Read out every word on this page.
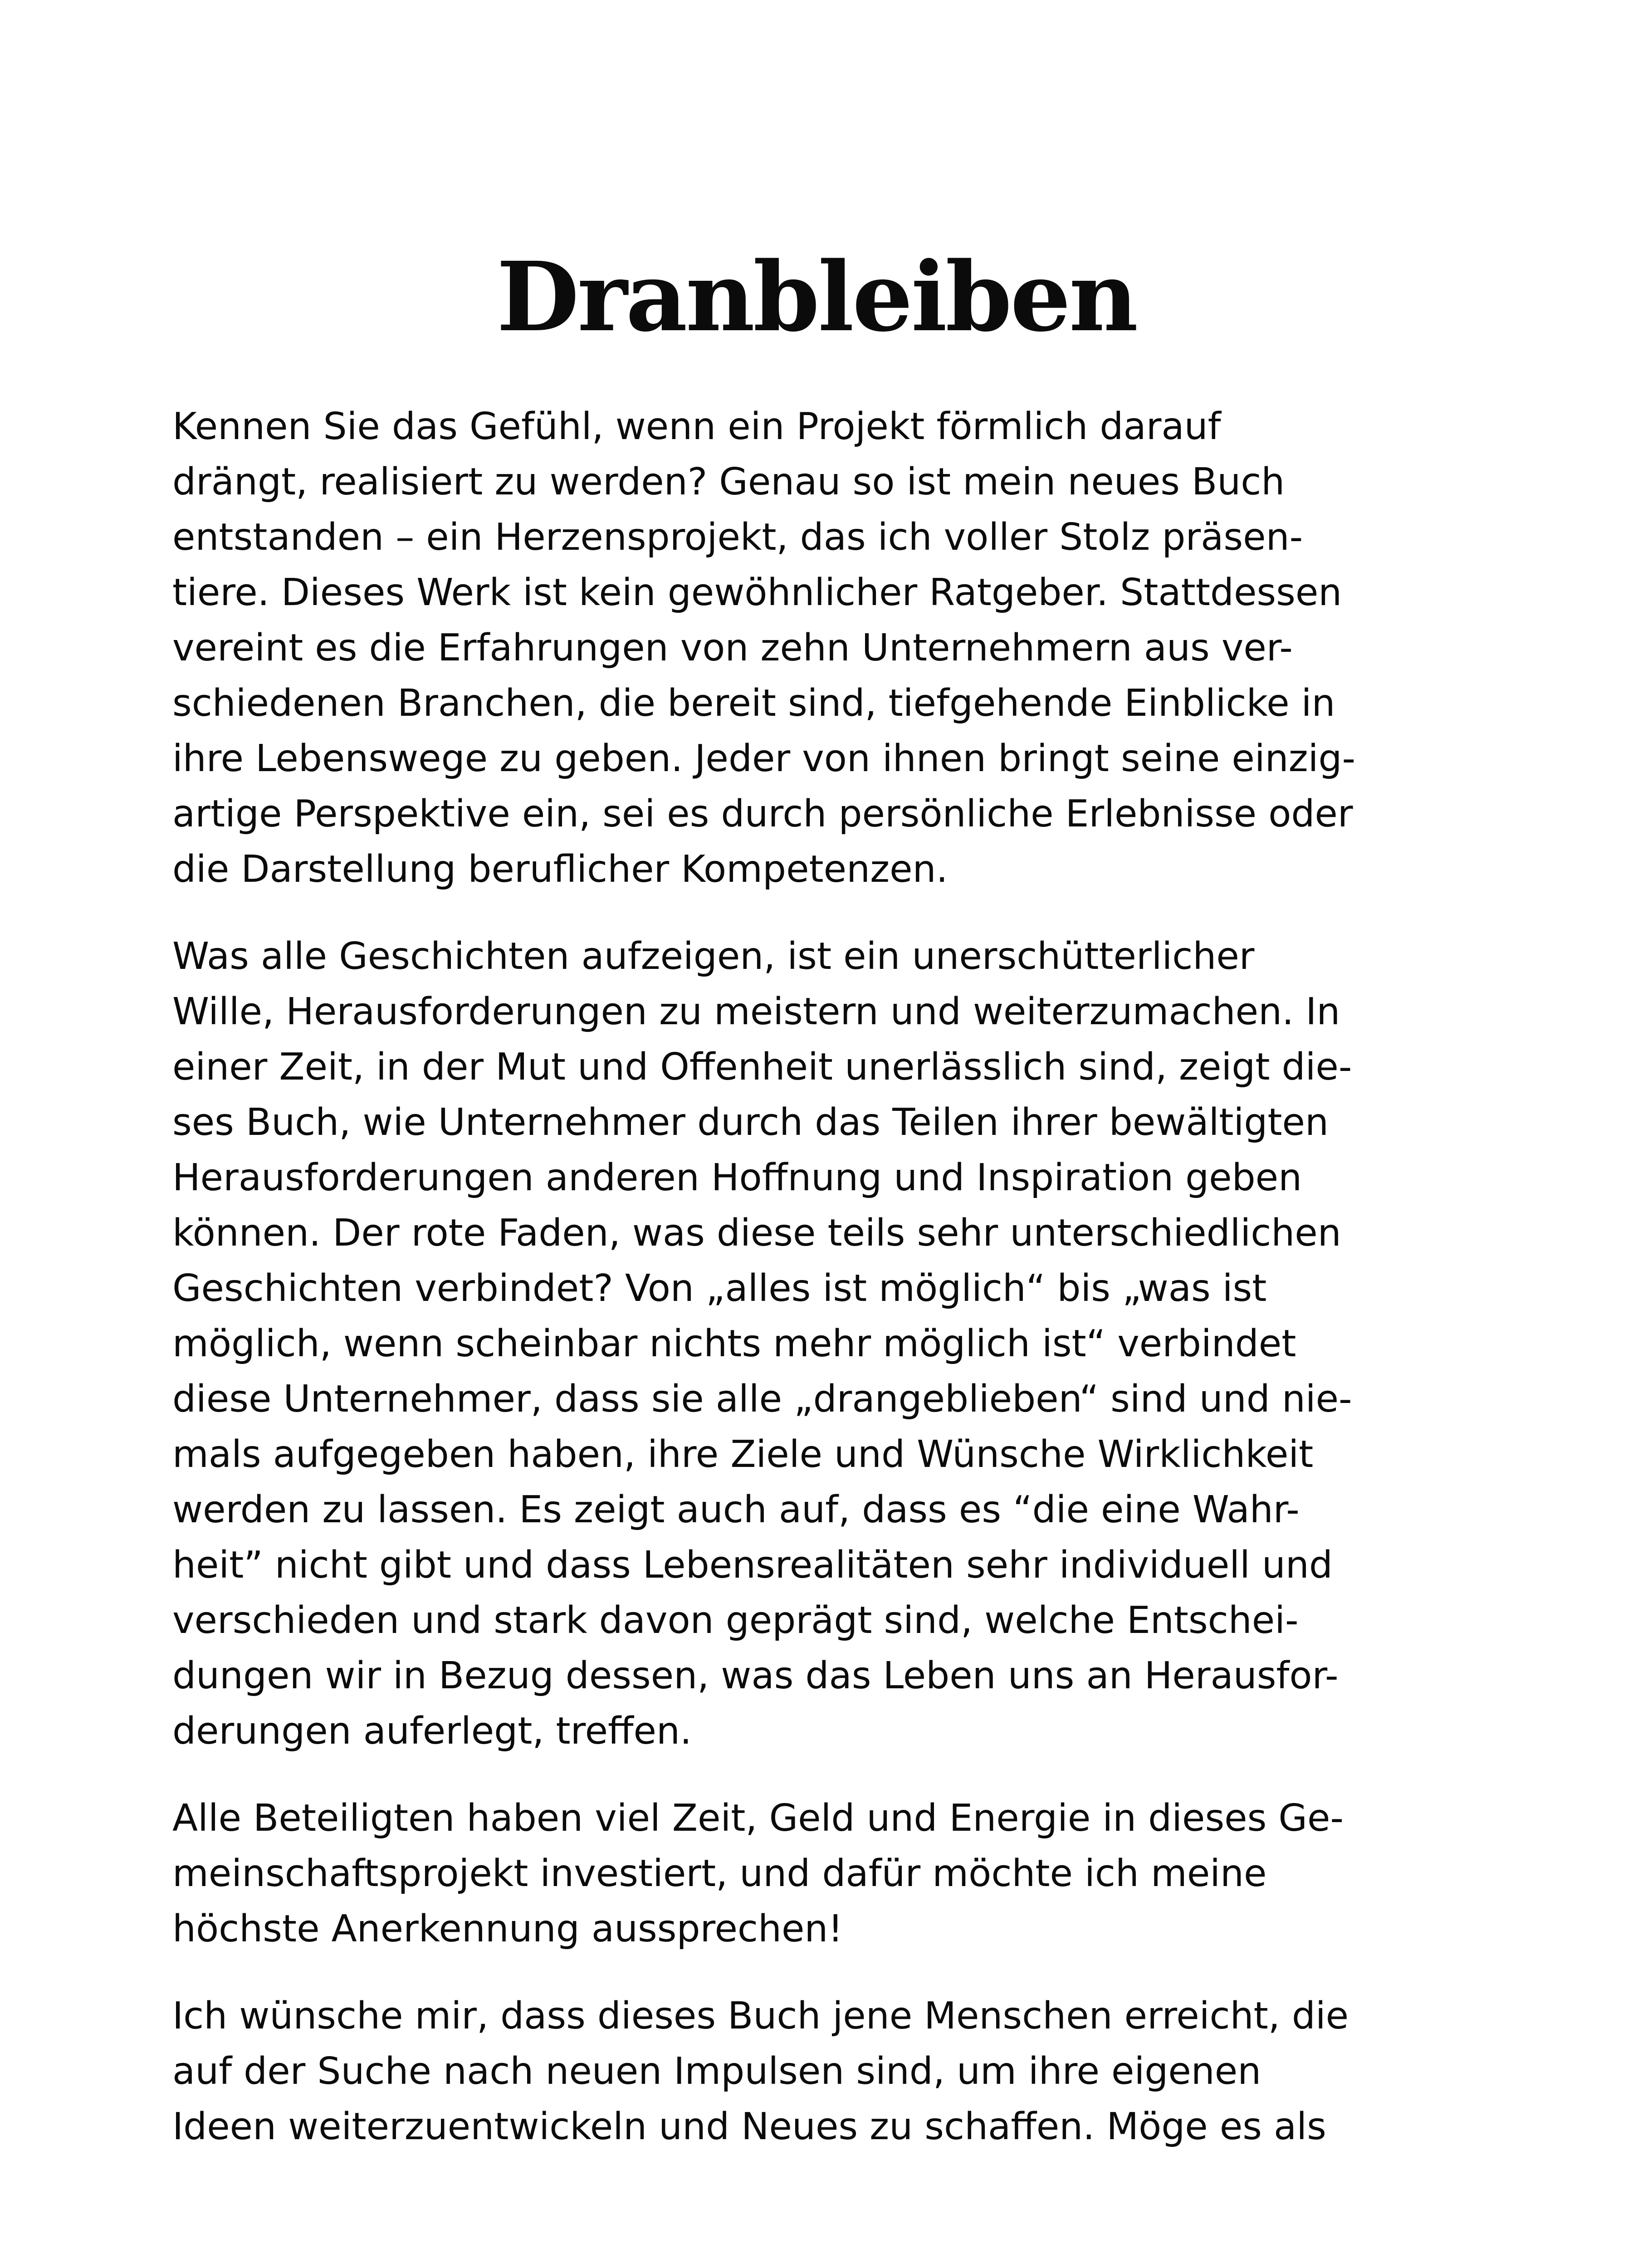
Dranbleiben

Kennen Sie das Gefühl, wenn ein Projekt förmlich darauf
drängt, realisiert zu werden? Genau so ist mein neues Buch
entstanden – ein Herzensprojekt, das ich voller Stolz präsen-
tiere. Dieses Werk ist kein gewöhnlicher Ratgeber. Stattdessen
vereint es die Erfahrungen von zehn Unternehmern aus ver-
schiedenen Branchen, die bereit sind, tiefgehende Einblicke in
ihre Lebenswege zu geben. Jeder von ihnen bringt seine einzig-
artige Perspektive ein, sei es durch persönliche Erlebnisse oder
die Darstellung beruflicher Kompetenzen.

Was alle Geschichten aufzeigen, ist ein unerschütterlicher
Wille, Herausforderungen zu meistern und weiterzumachen. In
einer Zeit, in der Mut und Offenheit unerlässlich sind, zeigt die-
ses Buch, wie Unternehmer durch das Teilen ihrer bewältigten
Herausforderungen anderen Hoffnung und Inspiration geben
können. Der rote Faden, was diese teils sehr unterschiedlichen
Geschichten verbindet? Von „alles ist möglich“ bis „was ist
möglich, wenn scheinbar nichts mehr möglich ist“ verbindet
diese Unternehmer, dass sie alle „drangeblieben“ sind und nie-
mals aufgegeben haben, ihre Ziele und Wünsche Wirklichkeit
werden zu lassen. Es zeigt auch auf, dass es “die eine Wahr-
heit” nicht gibt und dass Lebensrealitäten sehr individuell und
verschieden und stark davon geprägt sind, welche Entschei-
dungen wir in Bezug dessen, was das Leben uns an Herausfor-
derungen auferlegt, treffen.

Alle Beteiligten haben viel Zeit, Geld und Energie in dieses Ge-
meinschaftsprojekt investiert, und dafür möchte ich meine
höchste Anerkennung aussprechen!

Ich wünsche mir, dass dieses Buch jene Menschen erreicht, die
auf der Suche nach neuen Impulsen sind, um ihre eigenen
Ideen weiterzuentwickeln und Neues zu schaffen. Möge es als
